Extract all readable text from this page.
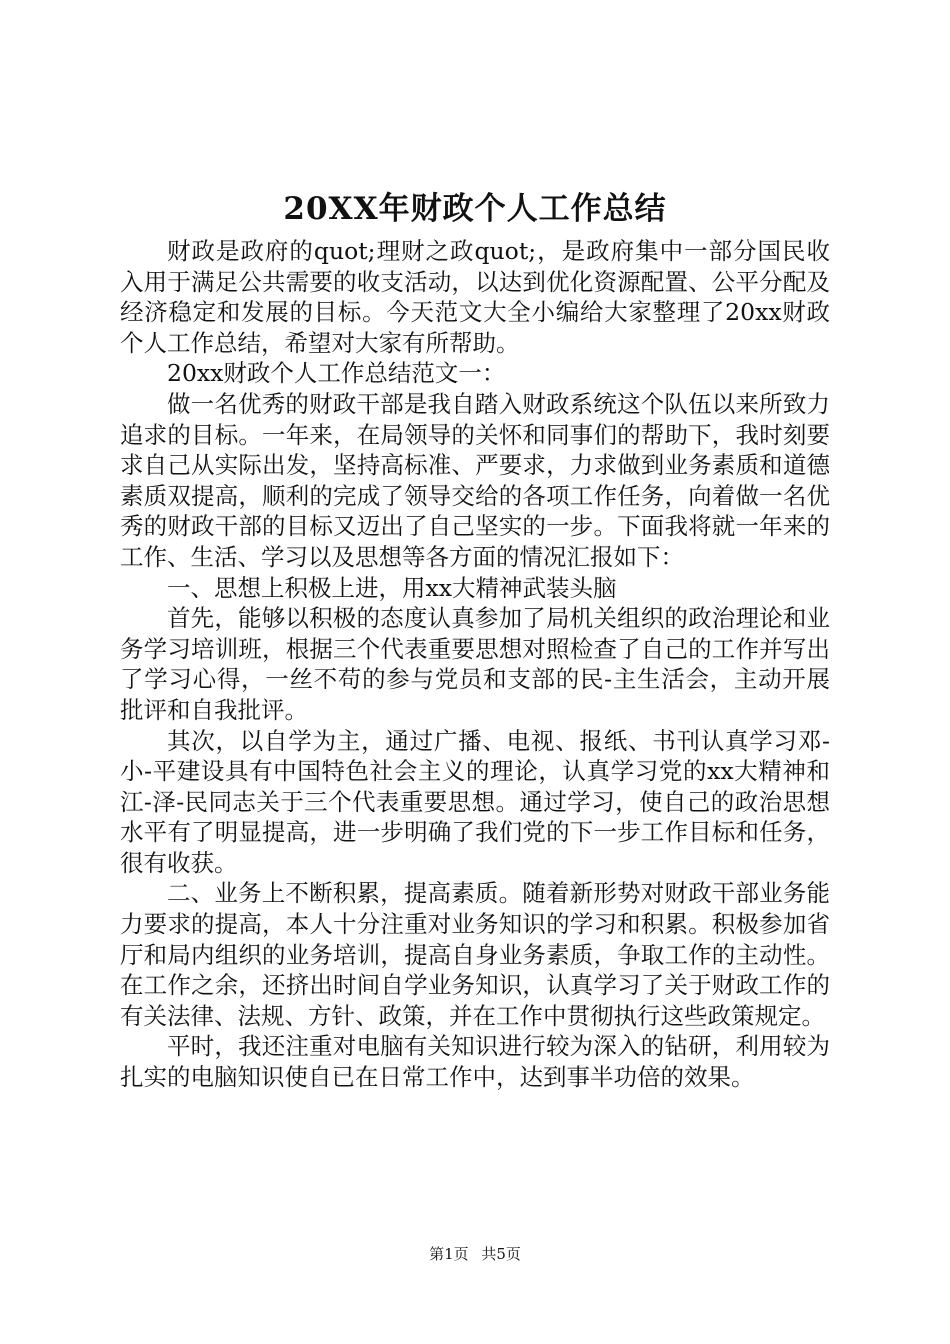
20XX年财政个人工作总结

财政是政府的quot;理财之政quot;，是政府集中一部分国民收入用于满足公共需要的收支活动，以达到优化资源配置、公平分配及经济稳定和发展的目标。今天范文大全小编给大家整理了20xx财政个人工作总结，希望对大家有所帮助。

20xx财政个人工作总结范文一：

做一名优秀的财政干部是我自踏入财政系统这个队伍以来所致力追求的目标。一年来，在局领导的关怀和同事们的帮助下，我时刻要求自己从实际出发，坚持高标准、严要求，力求做到业务素质和道德素质双提高，顺利的完成了领导交给的各项工作任务，向着做一名优秀的财政干部的目标又迈出了自己坚实的一步。下面我将就一年来的工作、生活、学习以及思想等各方面的情况汇报如下：

一、思想上积极上进，用xx大精神武装头脑

首先，能够以积极的态度认真参加了局机关组织的政治理论和业务学习培训班，根据三个代表重要思想对照检查了自己的工作并写出了学习心得，一丝不苟的参与党员和支部的民-主生活会，主动开展批评和自我批评。

其次，以自学为主，通过广播、电视、报纸、书刊认真学习邓-小-平建设具有中国特色社会主义的理论，认真学习党的xx大精神和江-泽-民同志关于三个代表重要思想。通过学习，使自己的政治思想水平有了明显提高，进一步明确了我们党的下一步工作目标和任务，很有收获。

二、业务上不断积累，提高素质。随着新形势对财政干部业务能力要求的提高，本人十分注重对业务知识的学习和积累。积极参加省厅和局内组织的业务培训，提高自身业务素质，争取工作的主动性。在工作之余，还挤出时间自学业务知识，认真学习了关于财政工作的有关法律、法规、方针、政策，并在工作中贯彻执行这些政策规定。

平时，我还注重对电脑有关知识进行较为深入的钻研，利用较为扎实的电脑知识使自已在日常工作中，达到事半功倍的效果。

第1页 共5页
